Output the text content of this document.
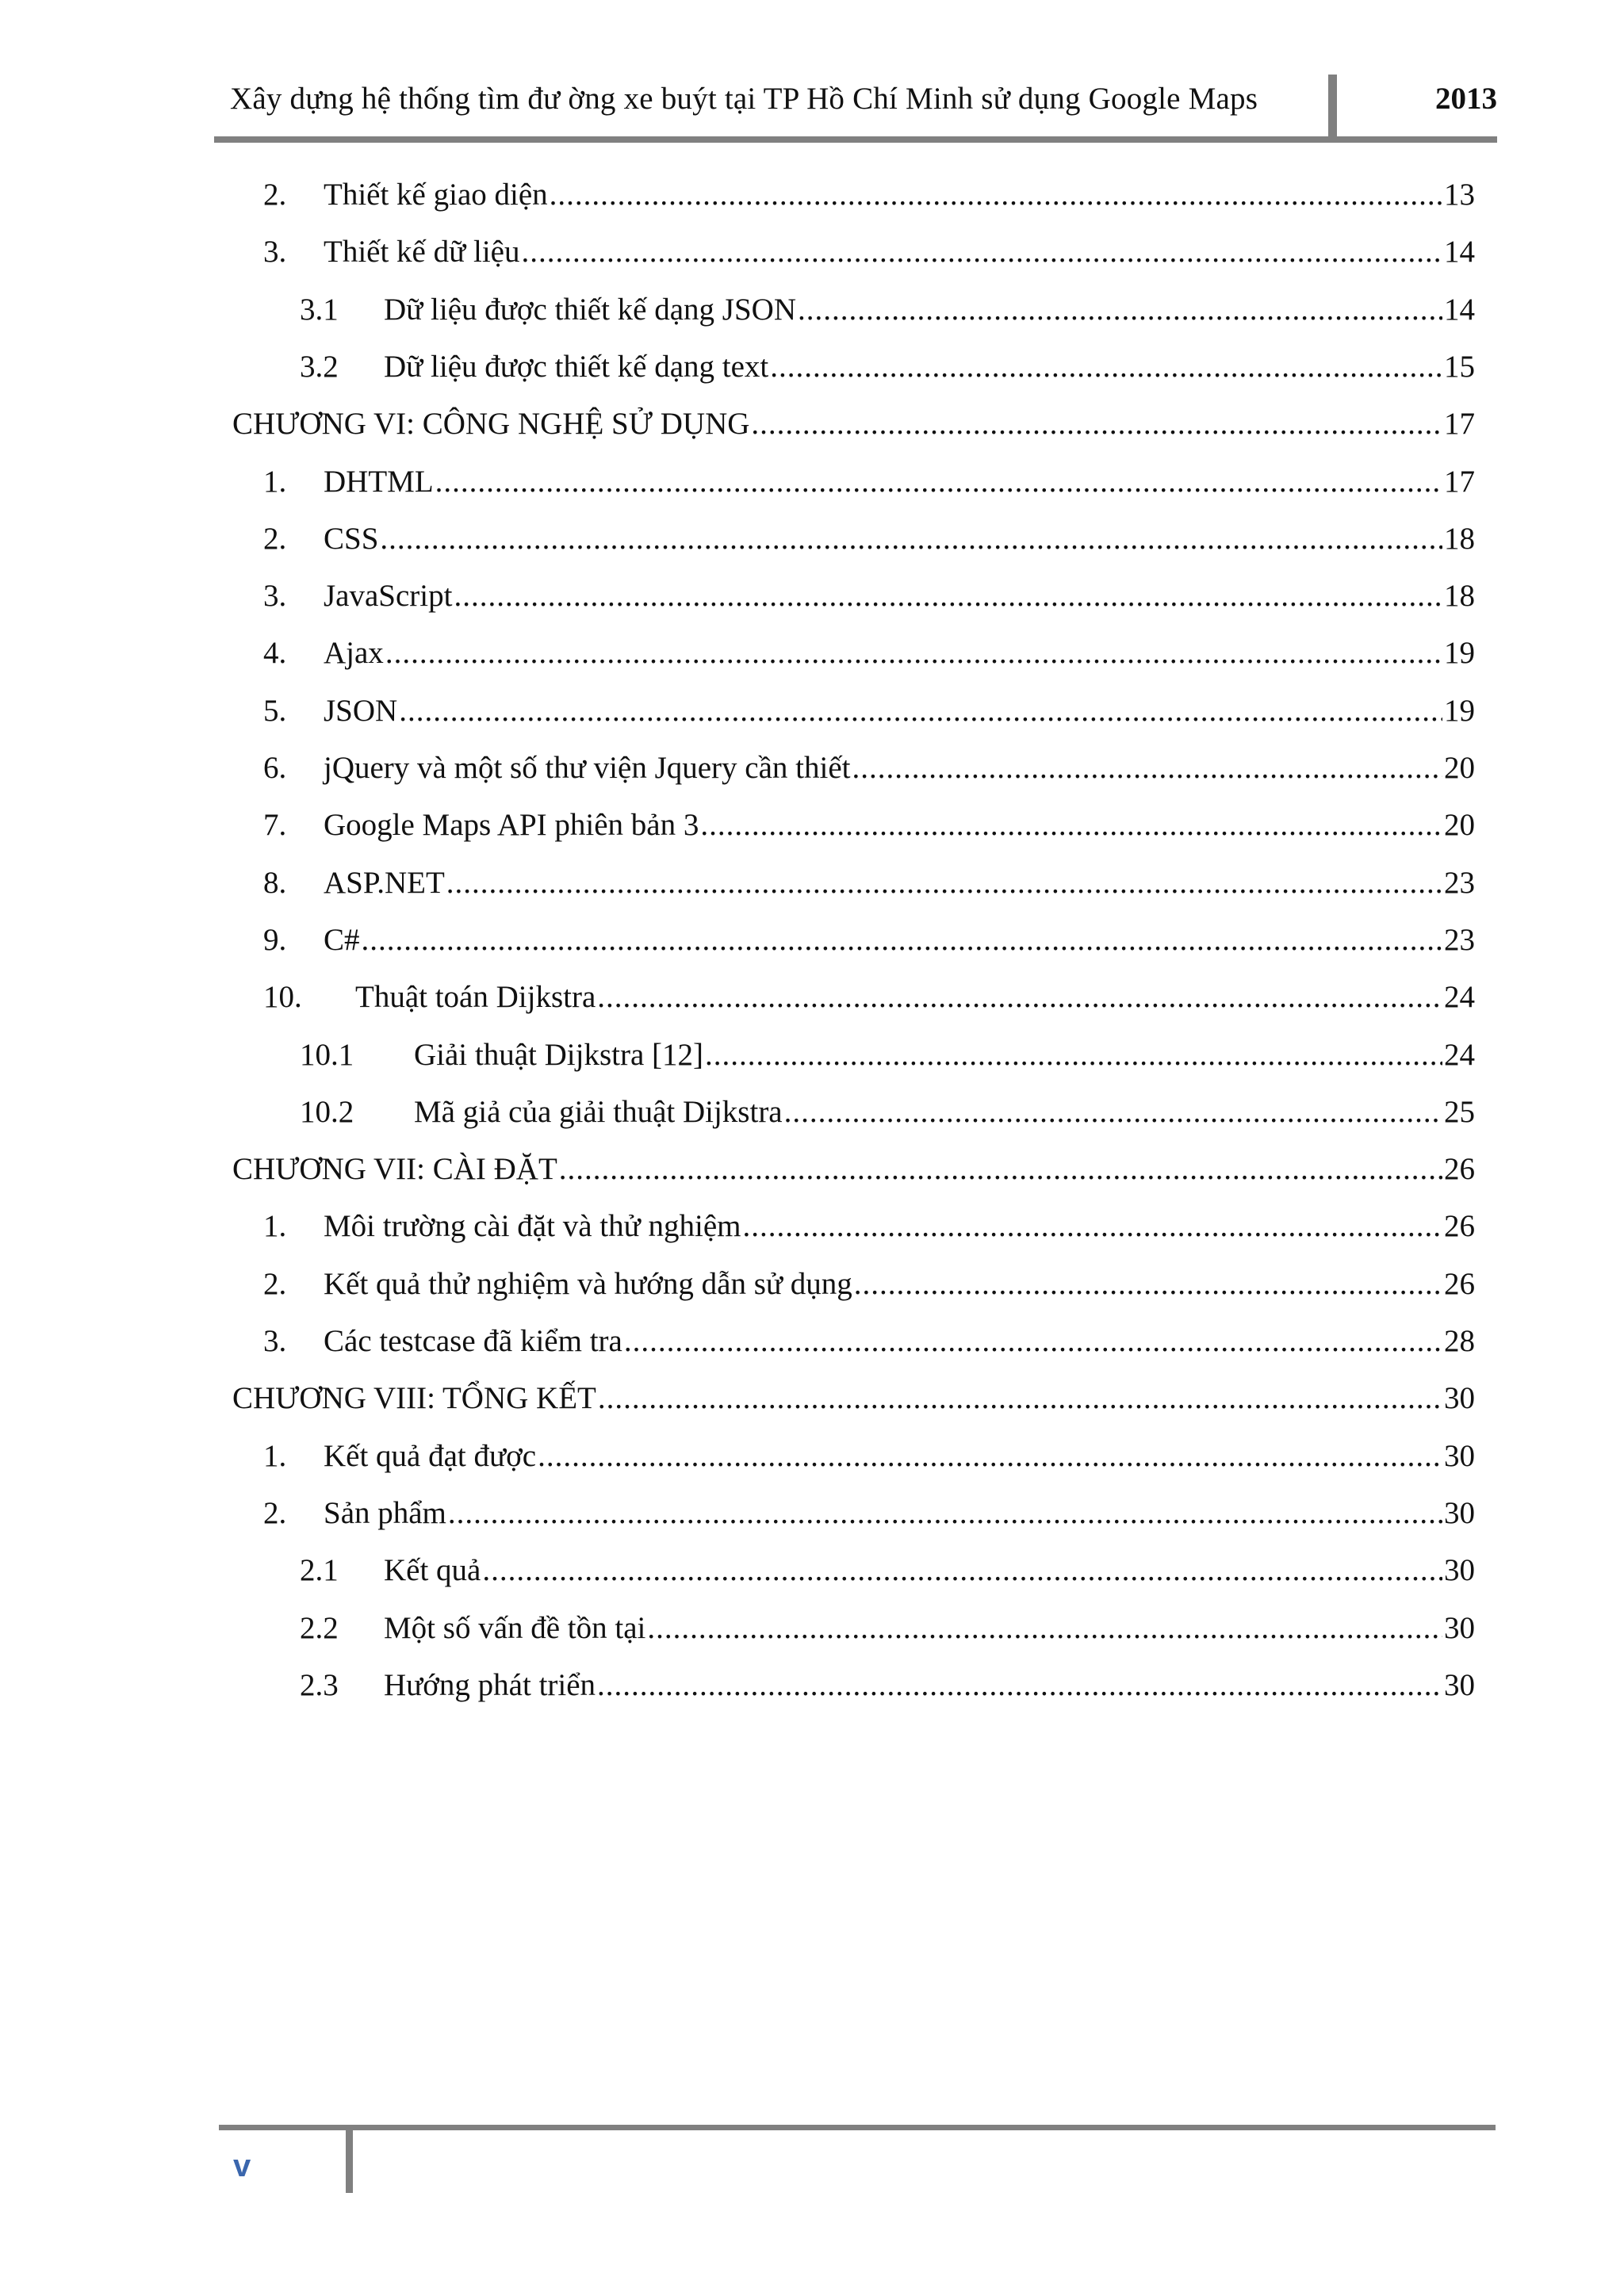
Xây dựng hệ thống tìm đư ờng xe buýt tại TP Hồ Chí Minh sử dụng Google Maps	2013
2.	Thiết kế giao diện .....	13
3.	Thiết kế dữ liệu .....	14
3.1	Dữ liệu được thiết kế dạng JSON .....	14
3.2	Dữ liệu được thiết kế dạng text .....	15
CHƯƠNG VI: CÔNG NGHỆ SỬ DỤNG .....	17
1.	DHTML .....	17
2.	CSS .....	18
3.	JavaScript .....	18
4.	Ajax .....	19
5.	JSON .....	19
6.	jQuery và một số thư viện Jquery cần thiết .....	20
7.	Google Maps API phiên bản 3 .....	20
8.	ASP.NET .....	23
9.	C# .....	23
10.	Thuật toán Dijkstra .....	24
10.1	Giải thuật Dijkstra [12] .....	24
10.2	Mã giả của giải thuật Dijkstra .....	25
CHƯƠNG VII: CÀI ĐẶT .....	26
1.	Môi trường cài đặt và thử nghiệm .....	26
2.	Kết quả thử nghiệm và hướng dẫn sử dụng .....	26
3.	Các testcase đã kiểm tra .....	28
CHƯƠNG VIII: TỔNG KẾT .....	30
1.	Kết quả đạt được .....	30
2.	Sản phẩm .....	30
2.1	Kết quả .....	30
2.2	Một số vấn đề tồn tại .....	30
2.3	Hướng phát triển .....	30
v
